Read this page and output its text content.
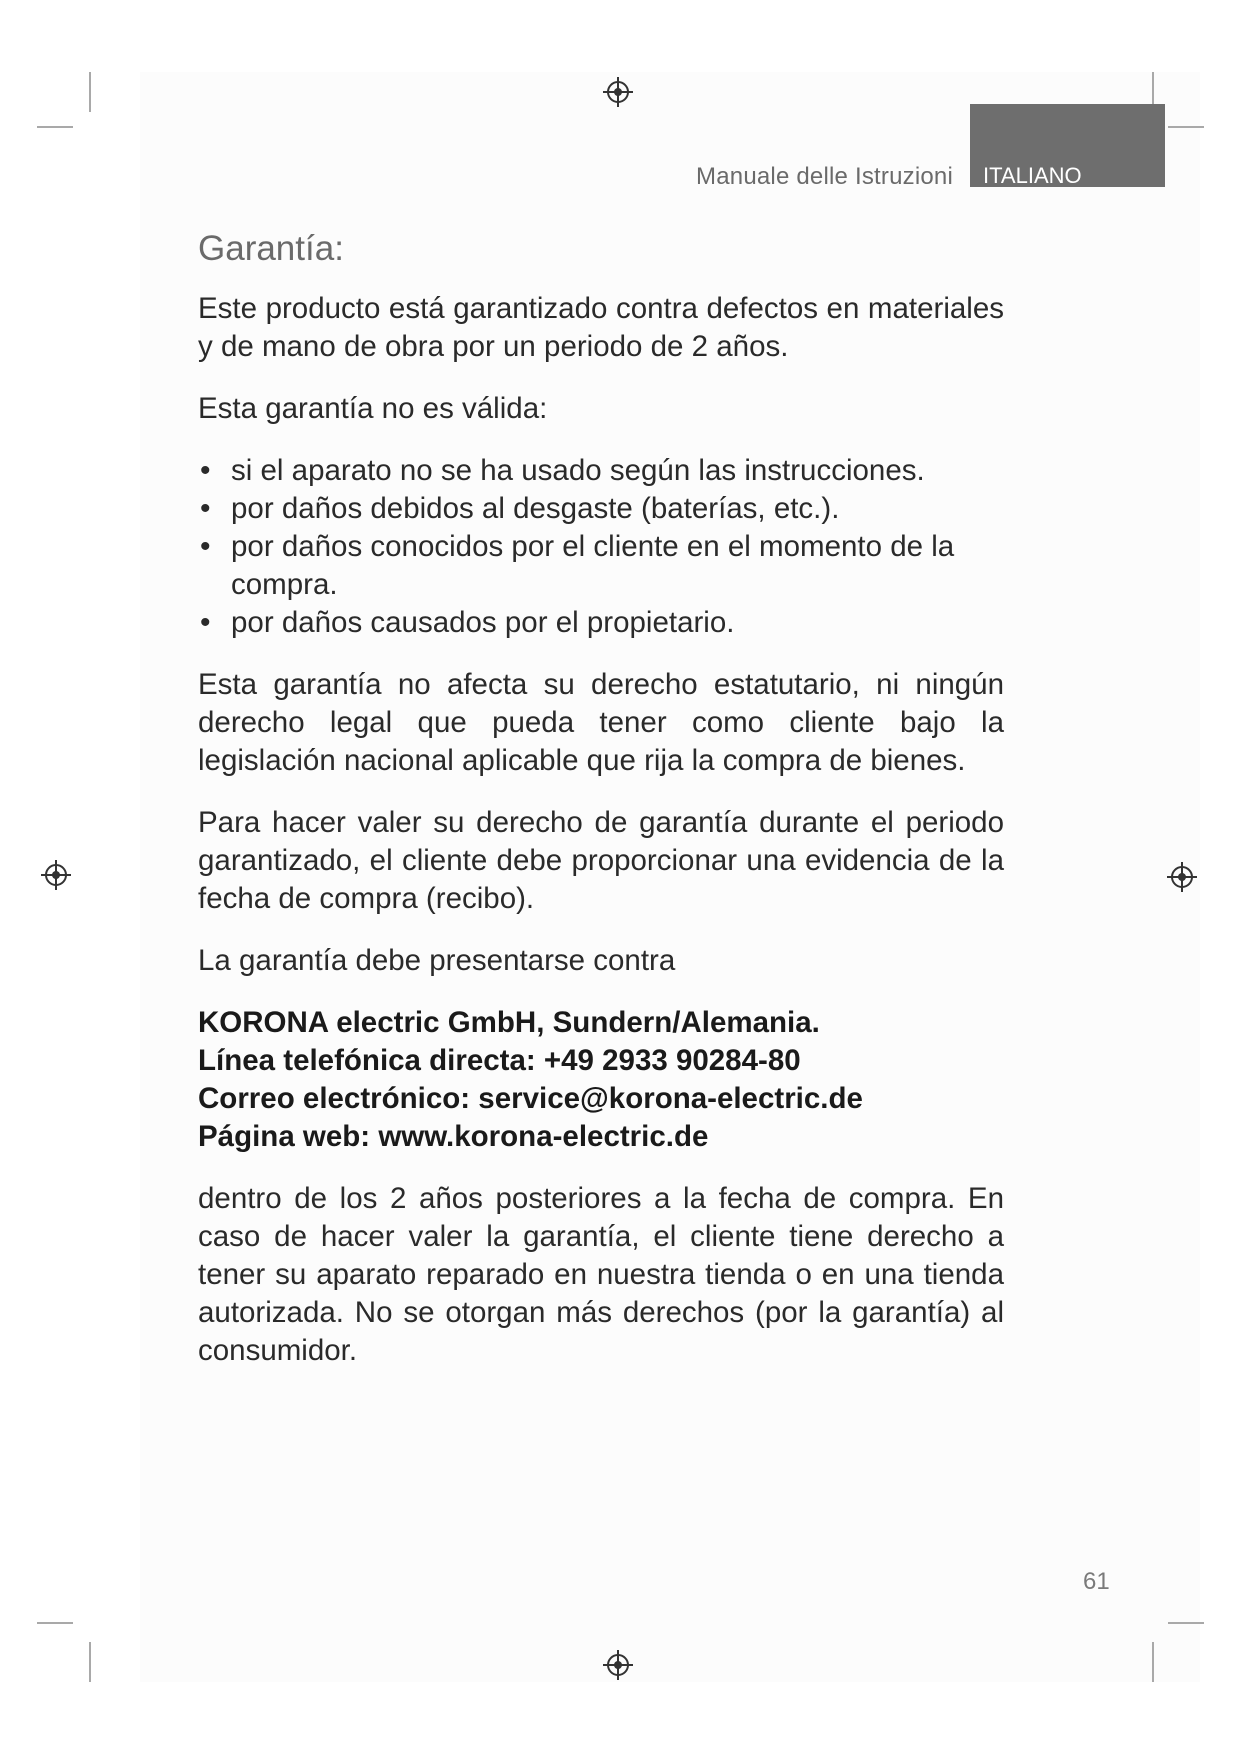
Manuale delle Istruzioni ITALIANO
Garantía:

Este producto está garantizado contra defectos en materiales y de mano de obra por un periodo de 2 años.

Esta garantía no es válida:

• si el aparato no se ha usado según las instrucciones.
• por daños debidos al desgaste (baterías, etc.).
• por daños conocidos por el cliente en el momento de la compra.
• por daños causados por el propietario.

Esta garantía no afecta su derecho estatutario, ni ningún derecho legal que pueda tener como cliente bajo la legislación nacional aplicable que rija la compra de bienes.

Para hacer valer su derecho de garantía durante el periodo garantizado, el cliente debe proporcionar una evidencia de la fecha de compra (recibo).

La garantía debe presentarse contra

KORONA electric GmbH, Sundern/Alemania.
Línea telefónica directa: +49 2933 90284-80
Correo electrónico: service@korona-electric.de
Página web: www.korona-electric.de

dentro de los 2 años posteriores a la fecha de compra. En caso de hacer valer la garantía, el cliente tiene derecho a tener su aparato reparado en nuestra tienda o en una tienda autorizada. No se otorgan más derechos (por la garantía) al consumidor.

61
